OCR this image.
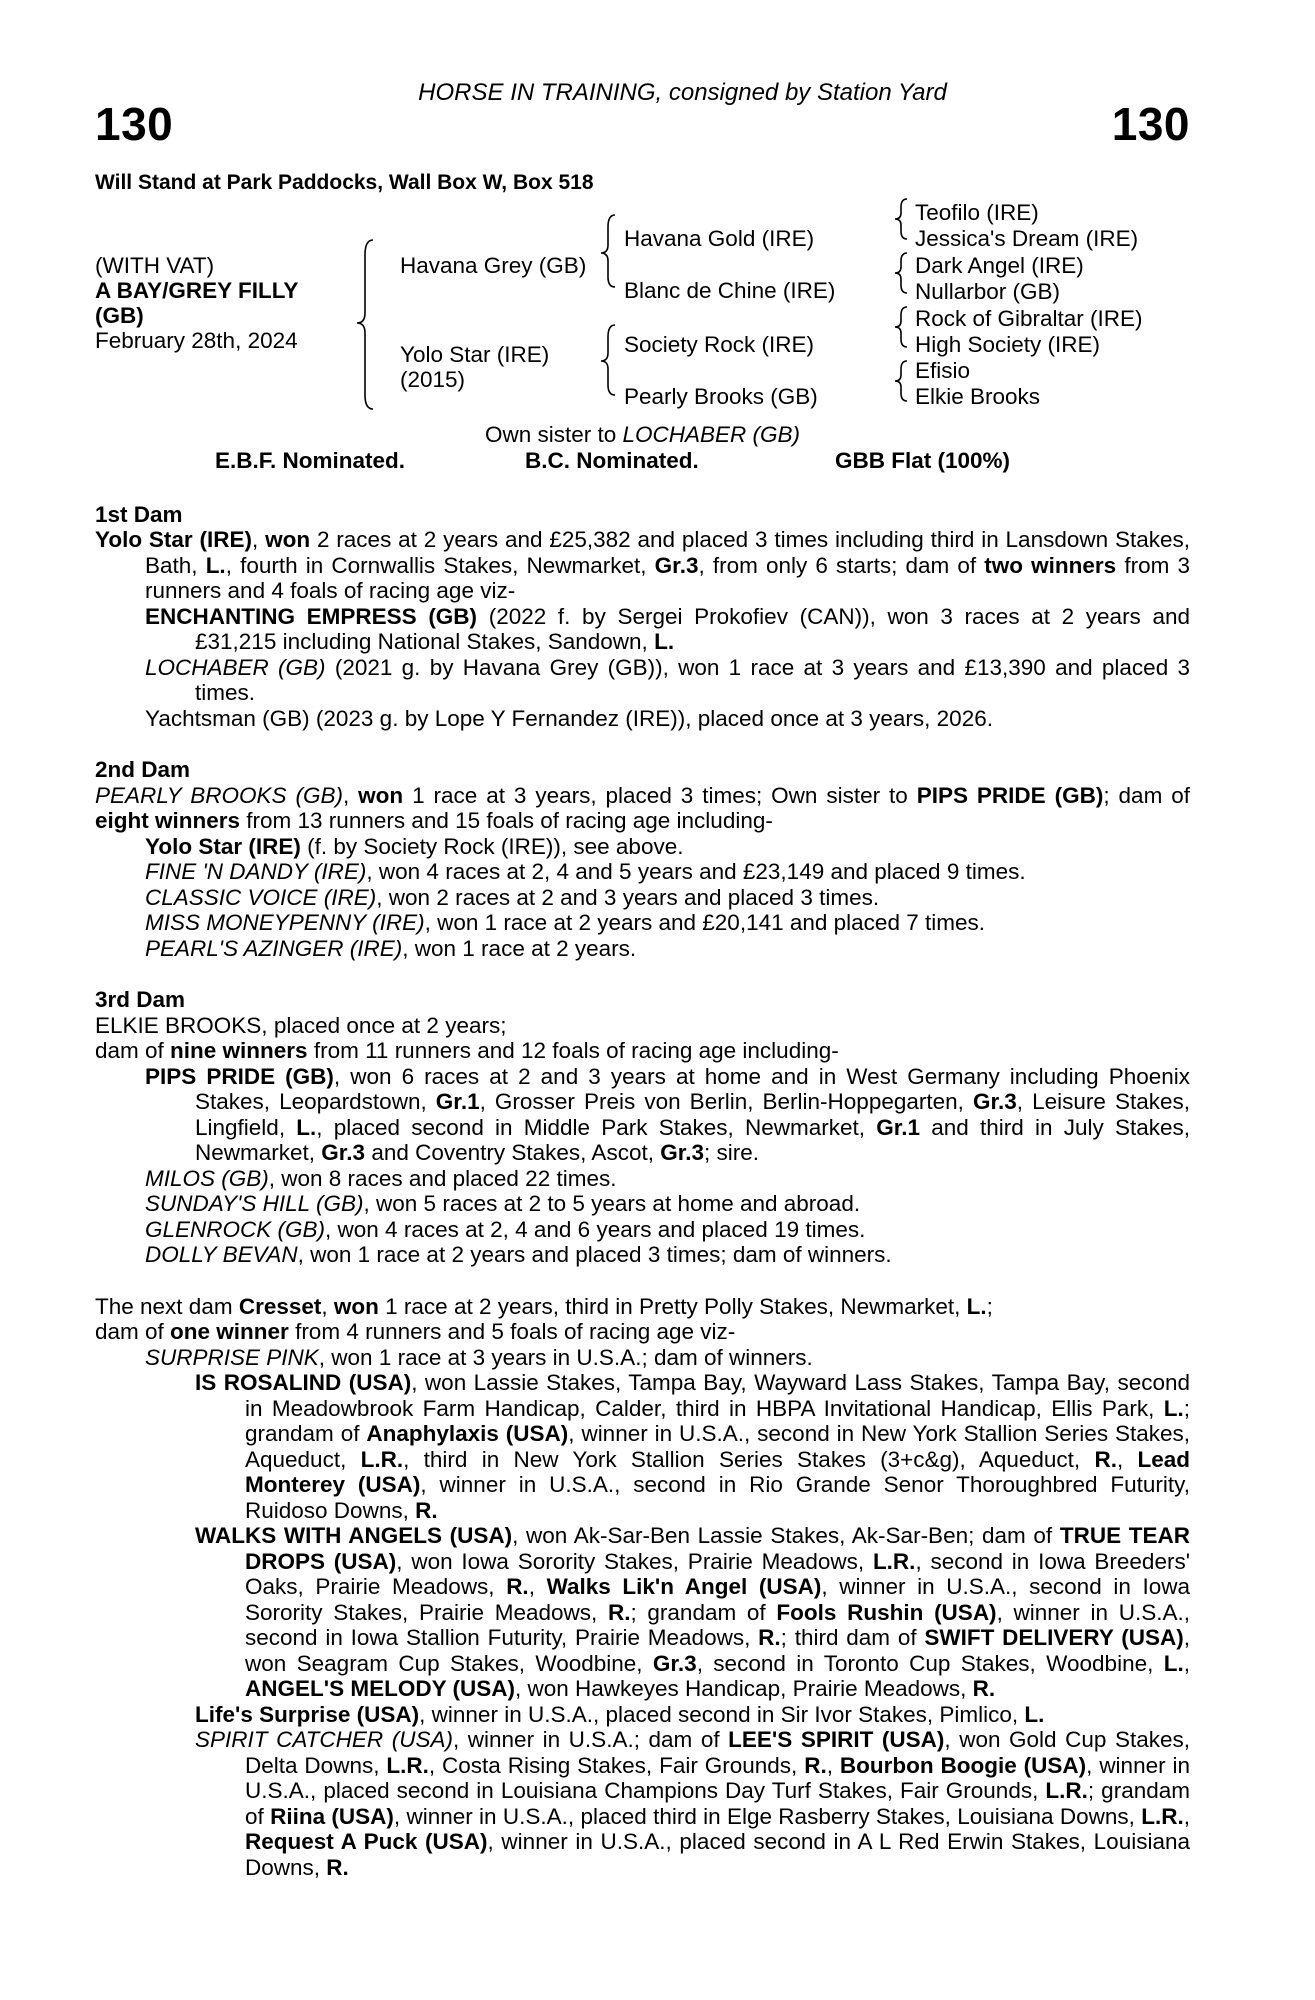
HORSE IN TRAINING, consigned by Station Yard
130	130
Will Stand at Park Paddocks, Wall Box W, Box 518
(WITH VAT)
A BAY/GREY FILLY
(GB)
February 28th, 2024
Havana Grey (GB)
Yolo Star (IRE)
(2015)
Havana Gold (IRE)
Blanc de Chine (IRE)
Society Rock (IRE)
Pearly Brooks (GB)
Teofilo (IRE)
Jessica's Dream (IRE)
Dark Angel (IRE)
Nullarbor (GB)
Rock of Gibraltar (IRE)
High Society (IRE)
Efisio
Elkie Brooks
Own sister to LOCHABER (GB)
E.B.F. Nominated.	B.C. Nominated.	GBB Flat (100%)
1st Dam

Yolo Star (IRE), won 2 races at 2 years and £25,382 and placed 3 times including third in Lansdown Stakes, Bath, L., fourth in Cornwallis Stakes, Newmarket, Gr.3, from only 6 starts; dam of two winners from 3 runners and 4 foals of racing age viz-

ENCHANTING EMPRESS (GB) (2022 f. by Sergei Prokofiev (CAN)), won 3 races at 2 years and £31,215 including National Stakes, Sandown, L.

LOCHABER (GB) (2021 g. by Havana Grey (GB)), won 1 race at 3 years and £13,390 and placed 3 times.

Yachtsman (GB) (2023 g. by Lope Y Fernandez (IRE)), placed once at 3 years, 2026.

2nd Dam

PEARLY BROOKS (GB), won 1 race at 3 years, placed 3 times; Own sister to PIPS PRIDE (GB); dam of eight winners from 13 runners and 15 foals of racing age including-

Yolo Star (IRE) (f. by Society Rock (IRE)), see above.

FINE 'N DANDY (IRE), won 4 races at 2, 4 and 5 years and £23,149 and placed 9 times.

CLASSIC VOICE (IRE), won 2 races at 2 and 3 years and placed 3 times.

MISS MONEYPENNY (IRE), won 1 race at 2 years and £20,141 and placed 7 times.

PEARL'S AZINGER (IRE), won 1 race at 2 years.

3rd Dam

ELKIE BROOKS, placed once at 2 years;

dam of nine winners from 11 runners and 12 foals of racing age including-

PIPS PRIDE (GB), won 6 races at 2 and 3 years at home and in West Germany including Phoenix Stakes, Leopardstown, Gr.1, Grosser Preis von Berlin, Berlin-Hoppegarten, Gr.3, Leisure Stakes, Lingfield, L., placed second in Middle Park Stakes, Newmarket, Gr.1 and third in July Stakes, Newmarket, Gr.3 and Coventry Stakes, Ascot, Gr.3; sire.

MILOS (GB), won 8 races and placed 22 times.

SUNDAY'S HILL (GB), won 5 races at 2 to 5 years at home and abroad.

GLENROCK (GB), won 4 races at 2, 4 and 6 years and placed 19 times.

DOLLY BEVAN, won 1 race at 2 years and placed 3 times; dam of winners.

The next dam Cresset, won 1 race at 2 years, third in Pretty Polly Stakes, Newmarket, L.;

dam of one winner from 4 runners and 5 foals of racing age viz-

SURPRISE PINK, won 1 race at 3 years in U.S.A.; dam of winners.

IS ROSALIND (USA), won Lassie Stakes, Tampa Bay, Wayward Lass Stakes, Tampa Bay, second in Meadowbrook Farm Handicap, Calder, third in HBPA Invitational Handicap, Ellis Park, L.; grandam of Anaphylaxis (USA), winner in U.S.A., second in New York Stallion Series Stakes, Aqueduct, L.R., third in New York Stallion Series Stakes (3+c&g), Aqueduct, R., Lead Monterey (USA), winner in U.S.A., second in Rio Grande Senor Thoroughbred Futurity, Ruidoso Downs, R.

WALKS WITH ANGELS (USA), won Ak-Sar-Ben Lassie Stakes, Ak-Sar-Ben; dam of TRUE TEAR DROPS (USA), won Iowa Sorority Stakes, Prairie Meadows, L.R., second in Iowa Breeders' Oaks, Prairie Meadows, R., Walks Lik'n Angel (USA), winner in U.S.A., second in Iowa Sorority Stakes, Prairie Meadows, R.; grandam of Fools Rushin (USA), winner in U.S.A., second in Iowa Stallion Futurity, Prairie Meadows, R.; third dam of SWIFT DELIVERY (USA), won Seagram Cup Stakes, Woodbine, Gr.3, second in Toronto Cup Stakes, Woodbine, L., ANGEL'S MELODY (USA), won Hawkeyes Handicap, Prairie Meadows, R.

Life's Surprise (USA), winner in U.S.A., placed second in Sir Ivor Stakes, Pimlico, L.

SPIRIT CATCHER (USA), winner in U.S.A.; dam of LEE'S SPIRIT (USA), won Gold Cup Stakes, Delta Downs, L.R., Costa Rising Stakes, Fair Grounds, R., Bourbon Boogie (USA), winner in U.S.A., placed second in Louisiana Champions Day Turf Stakes, Fair Grounds, L.R.; grandam of Riina (USA), winner in U.S.A., placed third in Elge Rasberry Stakes, Louisiana Downs, L.R., Request A Puck (USA), winner in U.S.A., placed second in A L Red Erwin Stakes, Louisiana Downs, R.
